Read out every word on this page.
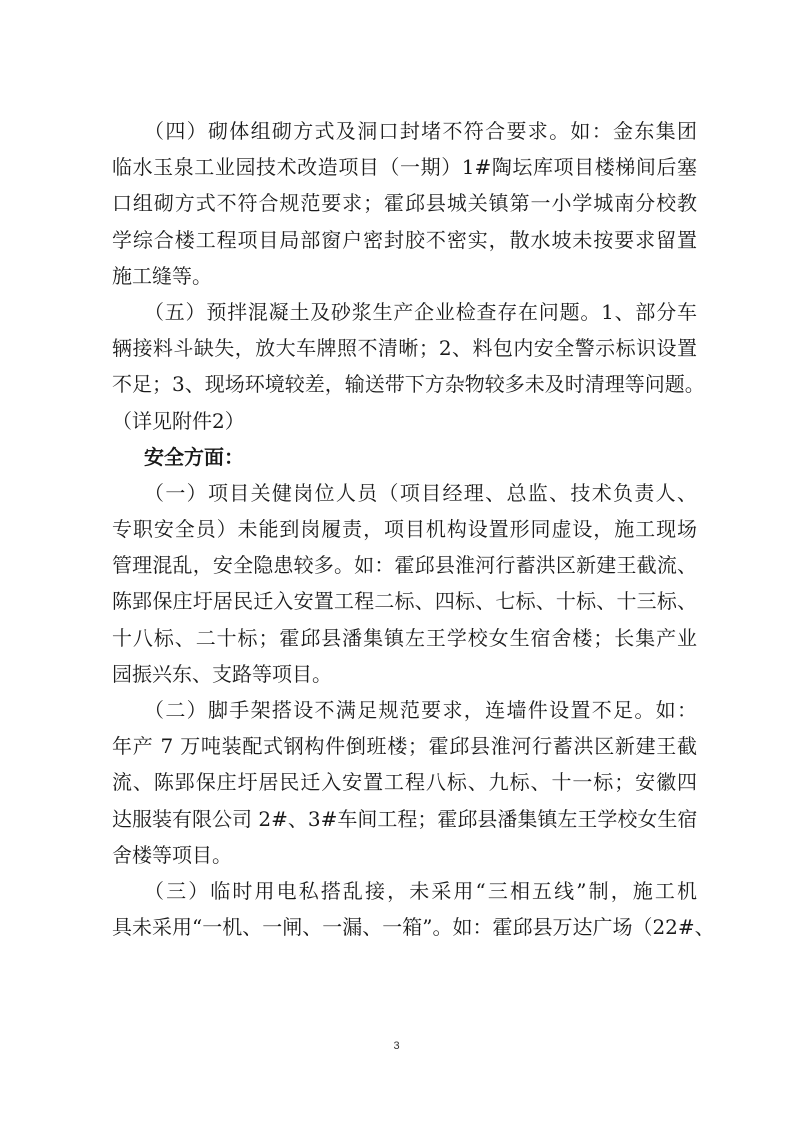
（四）砌体组砌方式及洞口封堵不符合要求。如：金东集团
临水玉泉工业园技术改造项目（一期）1#陶坛库项目楼梯间后塞
口组砌方式不符合规范要求；霍邱县城关镇第一小学城南分校教
学综合楼工程项目局部窗户密封胶不密实，散水坡未按要求留置
施工缝等。
（五）预拌混凝土及砂浆生产企业检查存在问题。1、部分车
辆接料斗缺失，放大车牌照不清晰；2、料包内安全警示标识设置
不足；3、现场环境较差，输送带下方杂物较多未及时清理等问题。
（详见附件2）
安全方面：
（一）项目关健岗位人员（项目经理、总监、技术负责人、
专职安全员）未能到岗履责，项目机构设置形同虚设，施工现场
管理混乱，安全隐患较多。如：霍邱县淮河行蓄洪区新建王截流、
陈郢保庄圩居民迁入安置工程二标、四标、七标、十标、十三标、
十八标、二十标；霍邱县潘集镇左王学校女生宿舍楼；长集产业
园振兴东、支路等项目。
（二）脚手架搭设不满足规范要求，连墙件设置不足。如：
年产 7 万吨装配式钢构件倒班楼；霍邱县淮河行蓄洪区新建王截
流、陈郢保庄圩居民迁入安置工程八标、九标、十一标；安徽四
达服装有限公司 2#、3#车间工程；霍邱县潘集镇左王学校女生宿
舍楼等项目。
（三）临时用电私搭乱接，未采用“三相五线”制，施工机
具未采用“一机、一闸、一漏、一箱”。如：霍邱县万达广场（22#、
3
